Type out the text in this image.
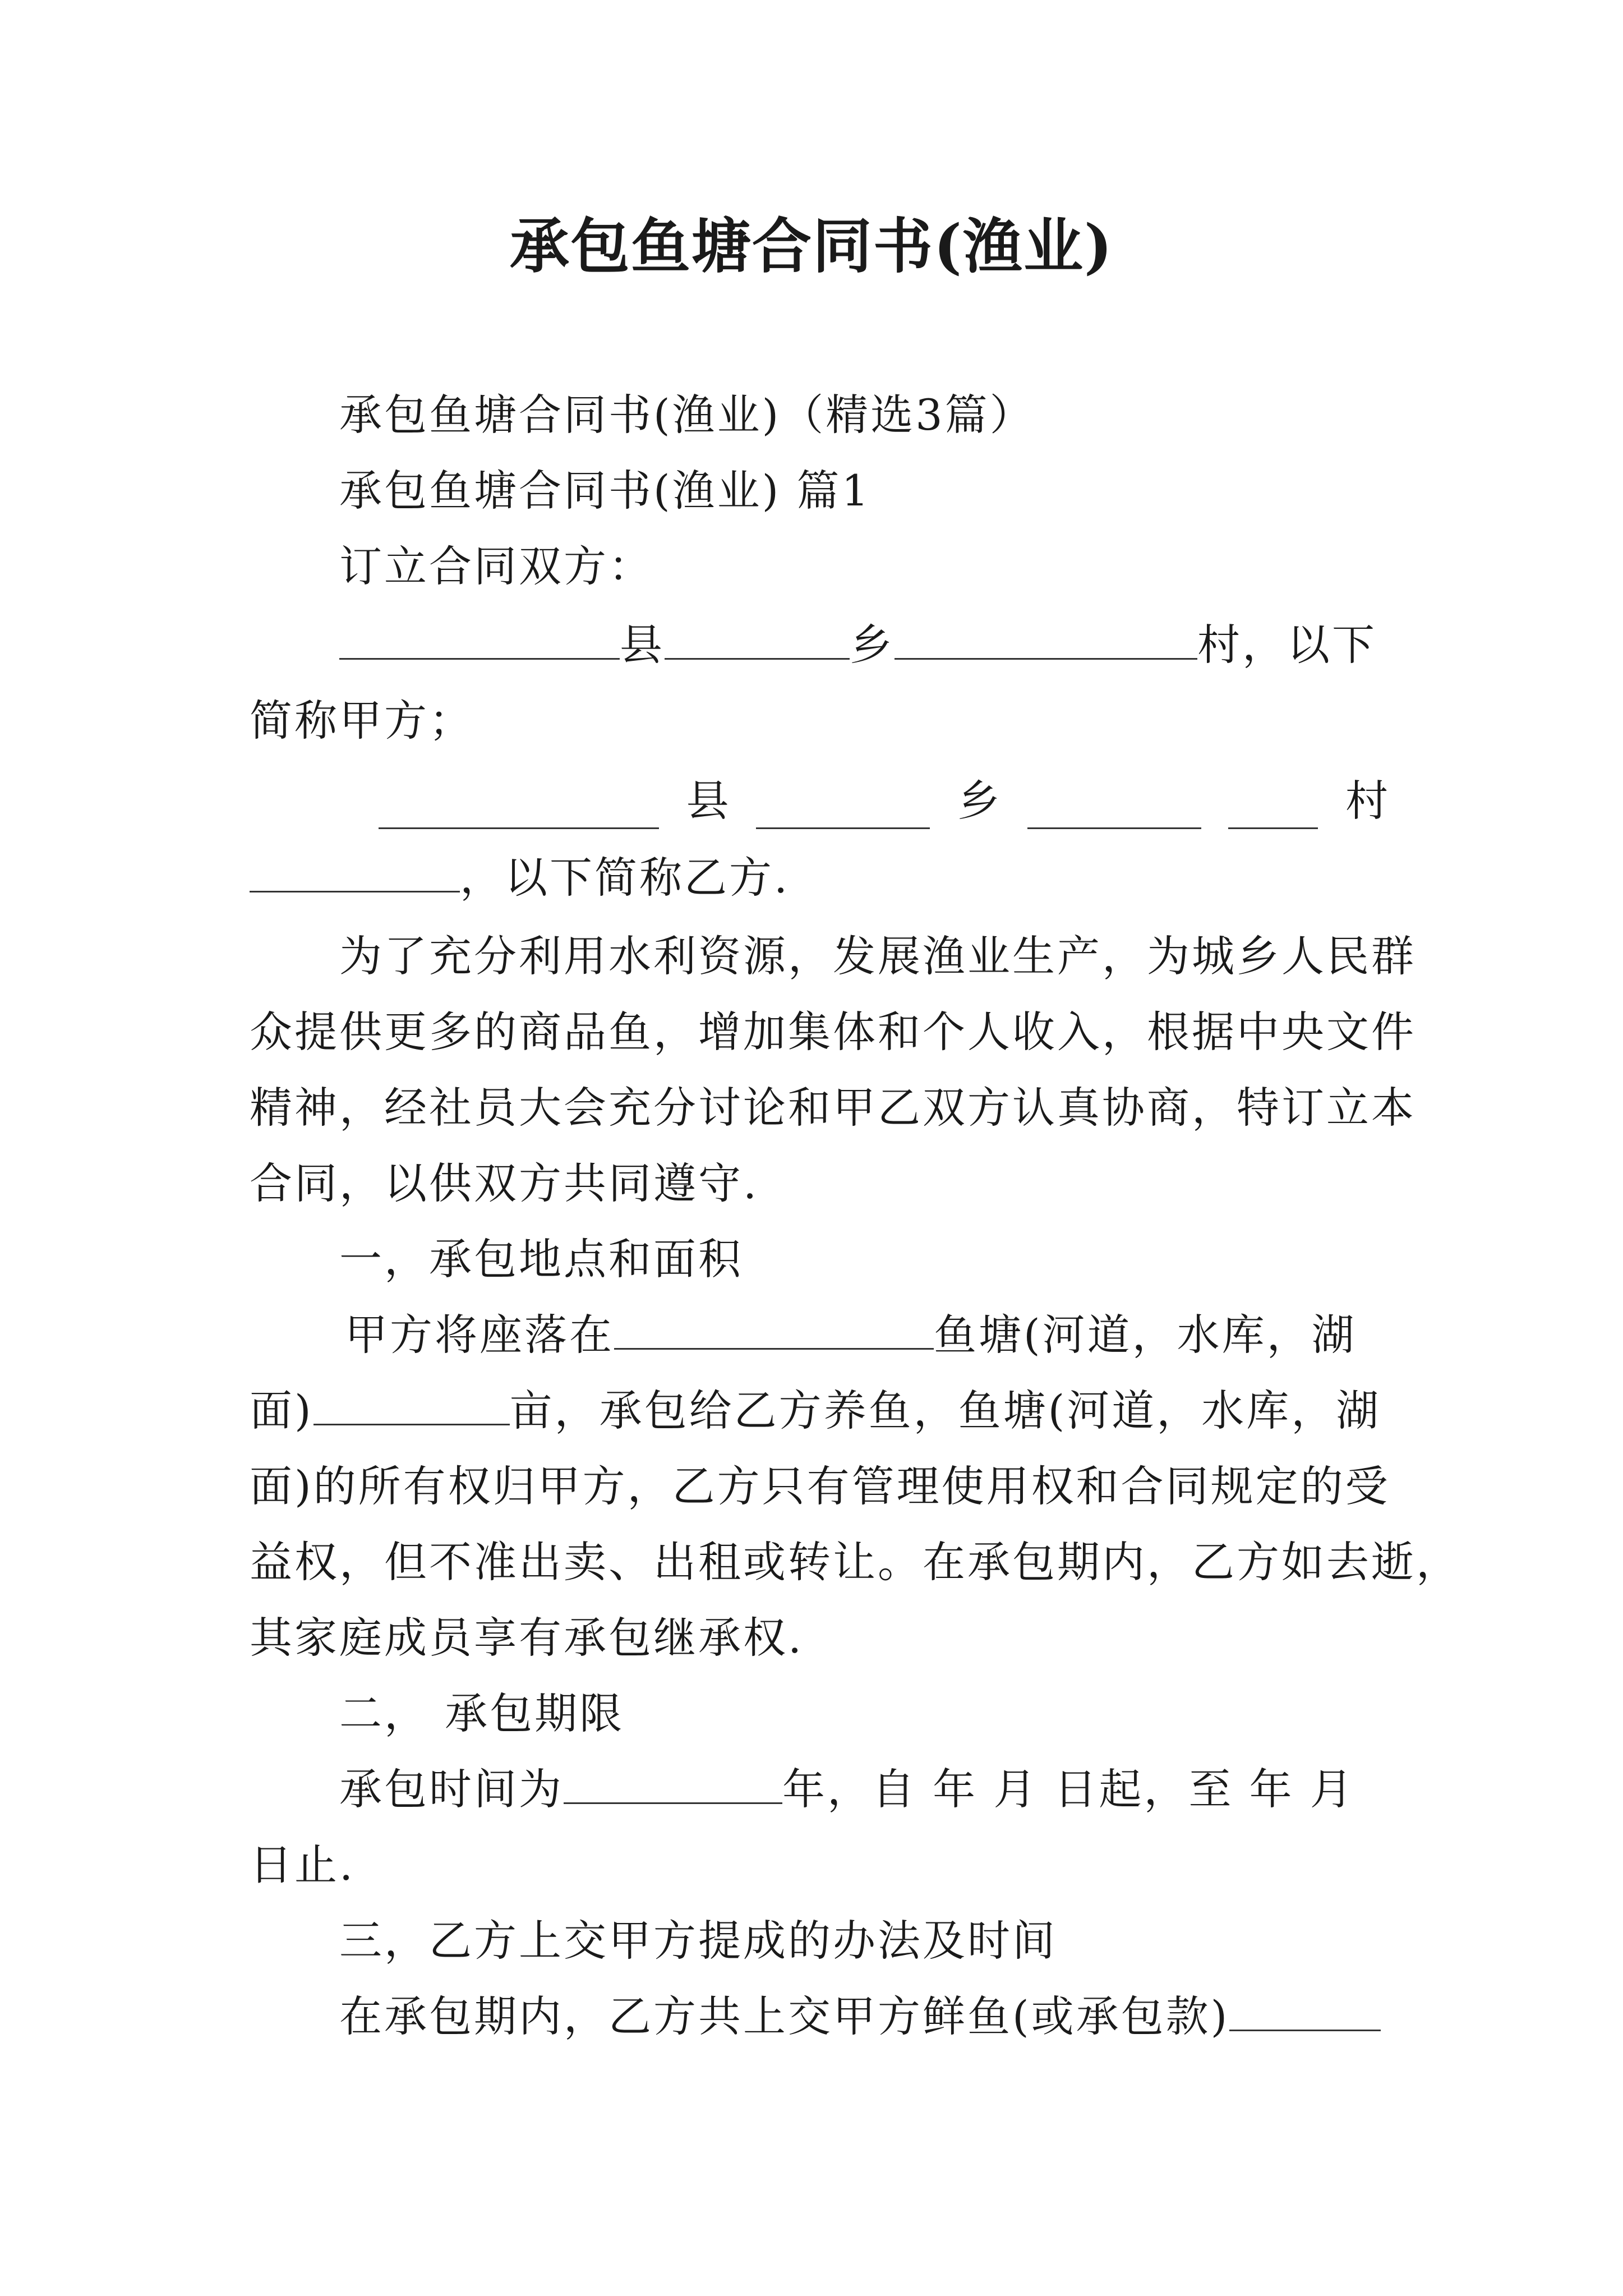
承包鱼塘合同书(渔业)
承包鱼塘合同书(渔业)（精选3篇）
承包鱼塘合同书(渔业) 篇1
订立合同双方：
县	乡	村，以下
简称甲方；
县	乡	村
，以下简称乙方.
为了充分利用水利资源，发展渔业生产，为城乡人民群
众提供更多的商品鱼，增加集体和个人收入，根据中央文件
精神，经社员大会充分讨论和甲乙双方认真协商，特订立本
合同，以供双方共同遵守.
一，承包地点和面积
甲方将座落在	鱼塘(河道，水库，湖
面)	亩，承包给乙方养鱼，鱼塘(河道，水库，湖
面)的所有权归甲方，乙方只有管理使用权和合同规定的受
益权，但不准出卖、出租或转让。在承包期内，乙方如去逝，
其家庭成员享有承包继承权.
二， 承包期限
承包时间为	年，自 年 月 日起，至 年 月
日止.
三，乙方上交甲方提成的办法及时间
在承包期内，乙方共上交甲方鲜鱼(或承包款)
